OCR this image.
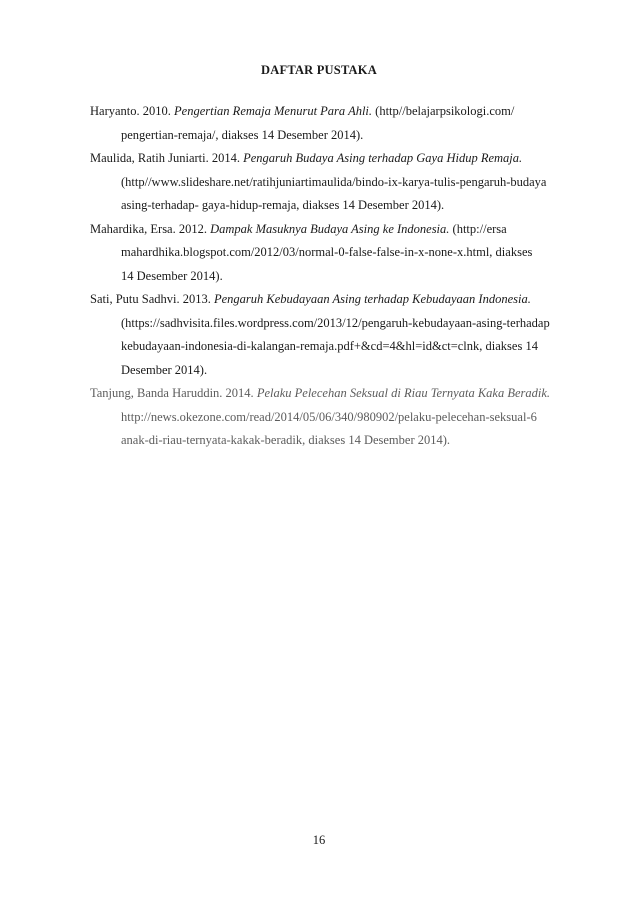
DAFTAR PUSTAKA
Haryanto. 2010. Pengertian Remaja Menurut Para Ahli. (http//belajarpsikologi.com/
pengertian-remaja/, diakses 14 Desember 2014).
Maulida, Ratih Juniarti. 2014. Pengaruh Budaya Asing terhadap Gaya Hidup Remaja.
(http//www.slideshare.net/ratihjuniartimaulida/bindo-ix-karya-tulis-pengaruh-budaya
asing-terhadap- gaya-hidup-remaja, diakses 14 Desember 2014).
Mahardika, Ersa. 2012. Dampak Masuknya Budaya Asing ke Indonesia. (http://ersa
mahardhika.blogspot.com/2012/03/normal-0-false-false-in-x-none-x.html, diakses
14 Desember 2014).
Sati, Putu Sadhvi. 2013. Pengaruh Kebudayaan Asing terhadap Kebudayaan Indonesia.
(https://sadhvisita.files.wordpress.com/2013/12/pengaruh-kebudayaan-asing-terhadap
kebudayaan-indonesia-di-kalangan-remaja.pdf+&cd=4&hl=id&ct=clnk, diakses 14
Desember 2014).
Tanjung, Banda Haruddin. 2014. Pelaku Pelecehan Seksual di Riau Ternyata Kaka Beradik.
http://news.okezone.com/read/2014/05/06/340/980902/pelaku-pelecehan-seksual-6
anak-di-riau-ternyata-kakak-beradik, diakses 14 Desember 2014).
16
